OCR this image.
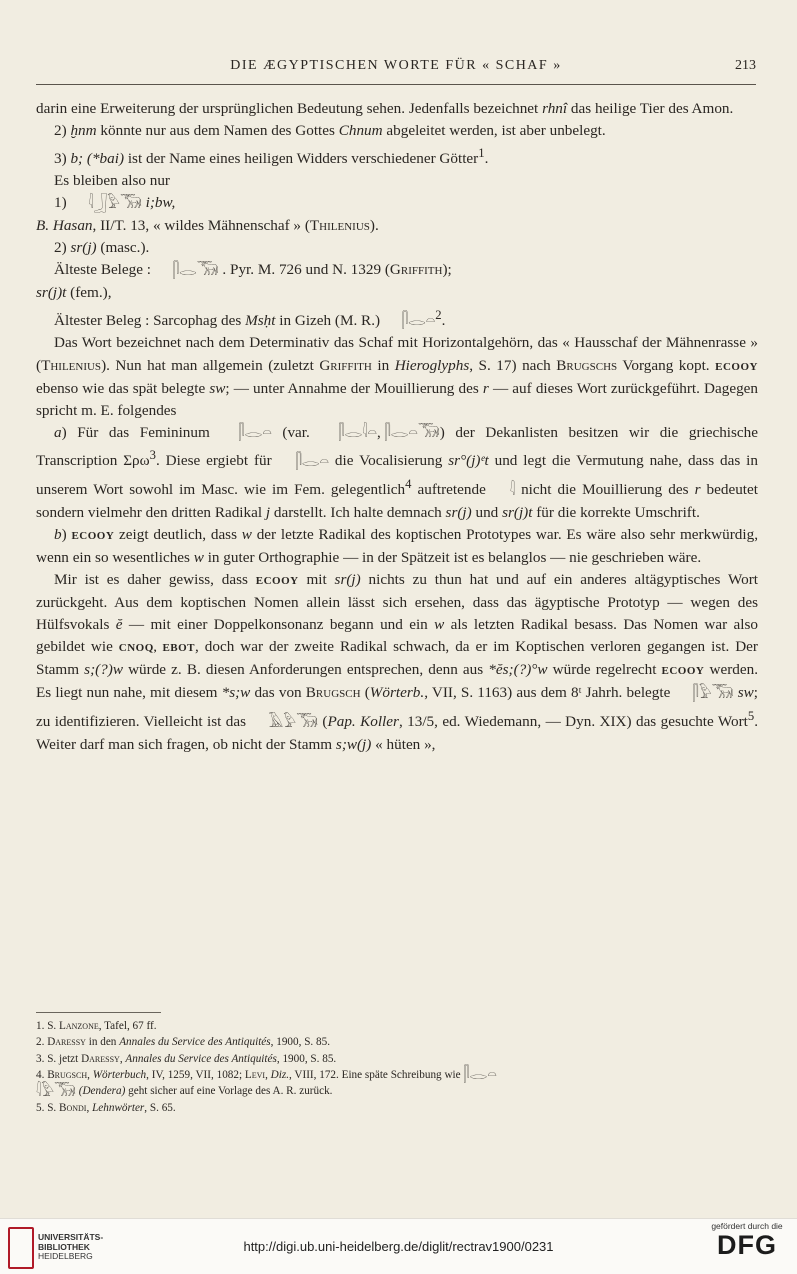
DIE ÆGYPTISCHEN WORTE FÜR « SCHAF »	213

darin eine Erweiterung der ursprünglichen Bedeutung sehen. Jedenfalls bezeichnet rhnî das heilige Tier des Amon.

2) ḫnm könnte nur aus dem Namen des Gottes Chnum abgeleitet werden, ist aber unbelegt.

3) b; (*bai) ist der Name eines heiligen Widders verschiedener Götter$^1$.

Es bleiben also nur

1) 𓇋𓃀𓅱𓃝 i;bw,

B. Hasan, II/T. 13, « wildes Mähnenschaf » (Thilenius).

2) sr(j) (masc.).

Älteste Belege : 𓋴𓂋𓃝 . Pyr. M. 726 und N. 1329 (Griffith);

sr(j)t (fem.),

Ältester Beleg : Sarcophag des Msḥt in Gizeh (M. R.) 𓋴𓂋𓏏$^2$.

Das Wort bezeichnet nach dem Determinativ das Schaf mit Horizontalgehörn, das « Hausschaf der Mähnenrasse » (Thilenius). Nun hat man allgemein (zuletzt Griffith in Hieroglyphs, S. 17) nach Brugschs Vorgang kopt. ECOOY ebenso wie das spät belegte sw; — unter Annahme der Mouillierung des r — auf dieses Wort zurückgeführt. Dagegen spricht m. E. folgendes

a) Für das Femininum 𓋴𓂋𓏏 (var. 𓋴𓂋𓇋𓏏, 𓋴𓂋𓏏𓃝) der Dekanlisten besitzen wir die griechische Transcription Σρω$^3$. Diese ergiebt für 𓋴𓂋𓏏 die Vocalisierung sr°(j)ᵉt und legt die Vermutung nahe, dass das in unserem Wort sowohl im Masc. wie im Fem. gelegentlich$^4$ auftretende 𓇋 nicht die Mouillierung des r bedeutet sondern vielmehr den dritten Radikal j darstellt. Ich halte demnach sr(j) und sr(j)t für die korrekte Umschrift.

b) ECOOY zeigt deutlich, dass w der letzte Radikal des koptischen Prototypes war. Es wäre also sehr merkwürdig, wenn ein so wesentliches w in guter Orthographie — in der Spätzeit ist es belanglos — nie geschrieben wäre.

Mir ist es daher gewiss, dass ECOOY mit sr(j) nichts zu thun hat und auf ein anderes altägyptisches Wort zurückgeht. Aus dem koptischen Nomen allein lässt sich ersehen, dass das ägyptische Prototyp — wegen des Hülfsvokals ĕ — mit einer Doppelkonsonanz begann und ein w als letzten Radikal besass. Das Nomen war also gebildet wie CNOQ, EBOT, doch war der zweite Radikal schwach, da er im Koptischen verloren gegangen ist. Der Stamm s;(?)w würde z. B. diesen Anforderungen entsprechen, denn aus *ĕs;(?)°w würde regelrecht ECOOY werden. Es liegt nun nahe, mit diesem *s;w das von Brugsch (Wörterb., VII, S. 1163) aus dem 8ᵗ Jahrh. belegte 𓋴𓅱𓃝 sw; zu identifizieren. Vielleicht ist das 𓄿𓅱𓃝 (Pap. Koller, 13/5, ed. Wiedemann, — Dyn. XIX) das gesuchte Wort$^5$. Weiter darf man sich fragen, ob nicht der Stamm s;w(j) « hüten »,

1. S. Lanzone, Tafel, 67 ff.

2. Daressy in den Annales du Service des Antiquités, 1900, S. 85.

3. S. jetzt Daressy, Annales du Service des Antiquités, 1900, S. 85.

4. Brugsch, Wörterbuch, IV, 1259, VII, 1082; Levi, Diz., VIII, 172. Eine späte Schreibung wie 𓋴𓂋𓏏

𓇋𓅱𓃝 (Dendera) geht sicher auf eine Vorlage des A. R. zurück.

5. S. Bondi, Lehnwörter, S. 65.

UNIVERSITÄTS-
BIBLIOTHEK
HEIDELBERG
http://digi.ub.uni-heidelberg.de/diglit/rectrav1900/0231
gefördert durch die
DFG
